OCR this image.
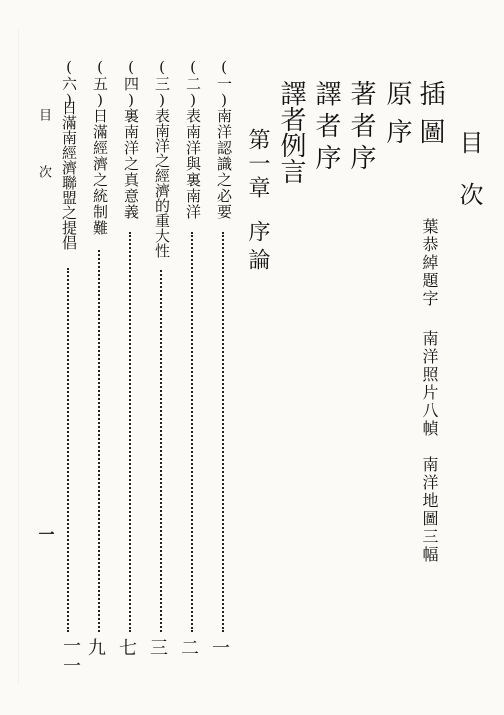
目次
插圖
葉恭綽題字
南洋照片八幀
南洋地圖三幅
原序
著者序
譯者序
譯者例言
第一章
序論
(一)
南洋認識之必要
(二)
表南洋與裏南洋
(三)
表南洋之經濟的重大性
(四)
裏南洋之真意義
(五)
日滿經濟之統制難
(六)
日滿南經濟聯盟之提倡
一
二
三
七
九
一一
目次
一
